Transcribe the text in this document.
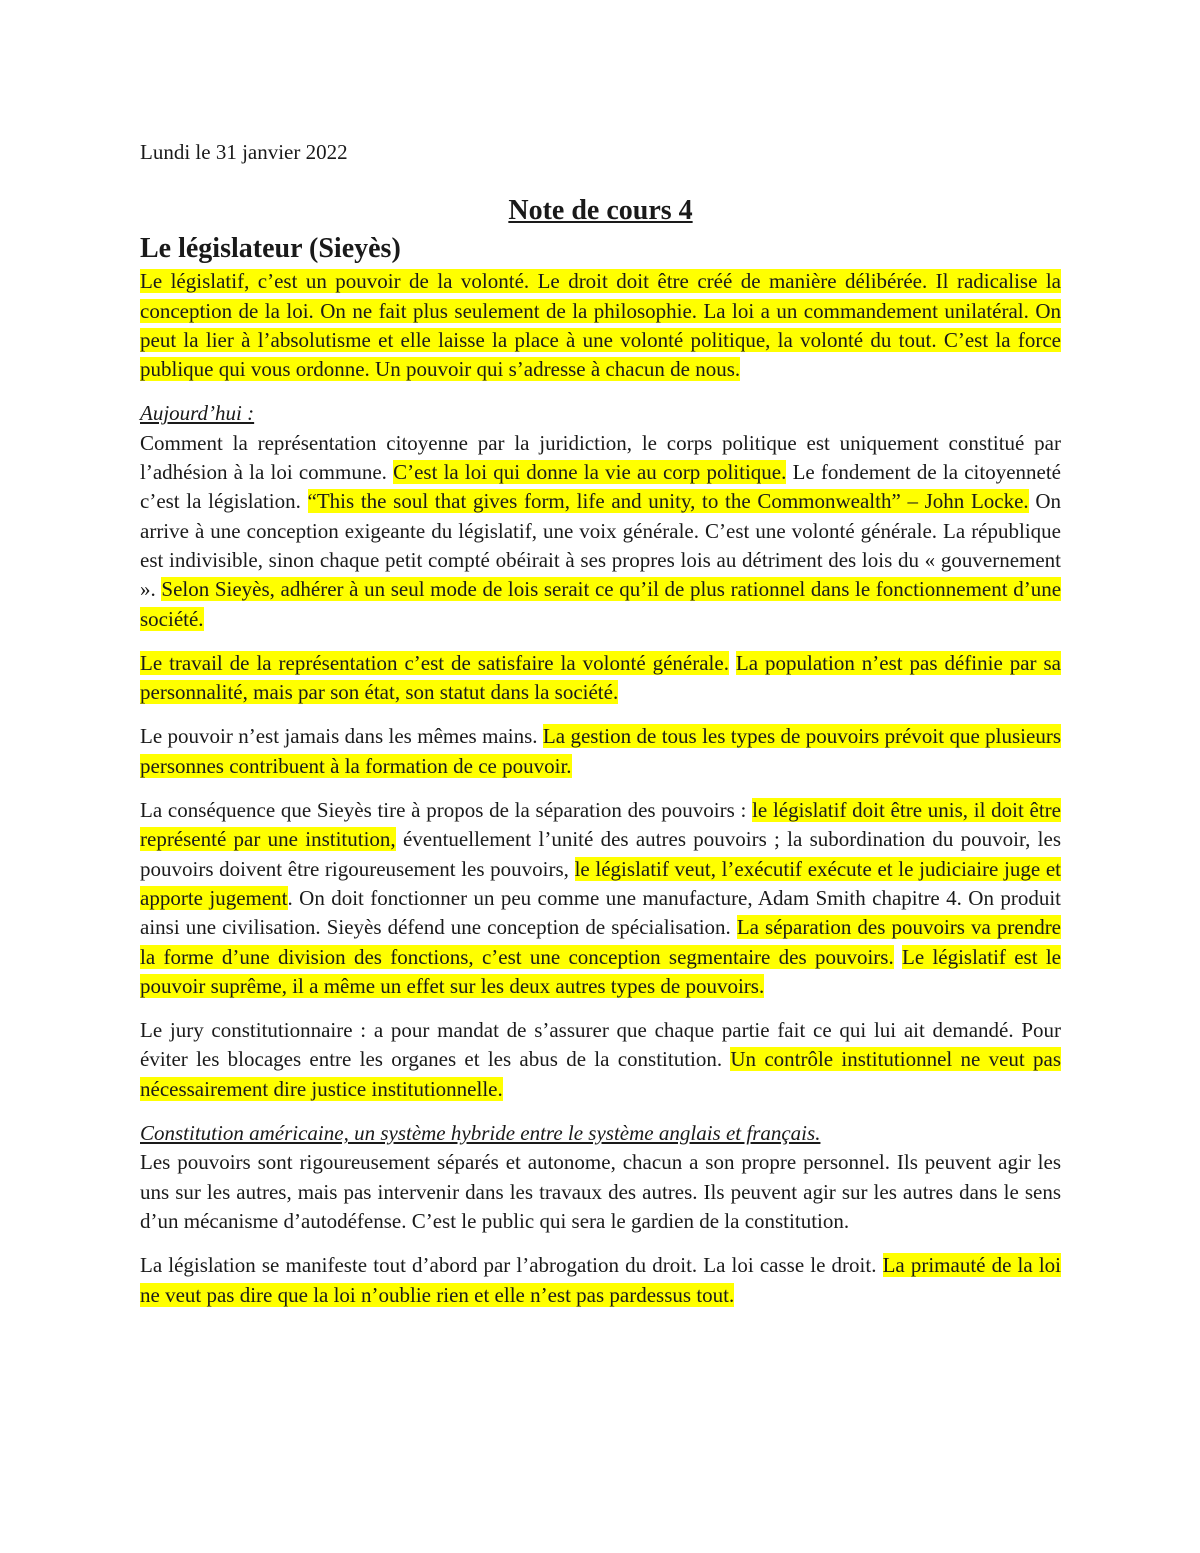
Lundi le 31 janvier 2022

Note de cours 4
Le législateur (Sieyès)

Le législatif, c’est un pouvoir de la volonté. Le droit doit être créé de manière délibérée. Il radicalise la conception de la loi. On ne fait plus seulement de la philosophie. La loi a un commandement unilatéral. On peut la lier à l’absolutisme et elle laisse la place à une volonté politique, la volonté du tout. C’est la force publique qui vous ordonne. Un pouvoir qui s’adresse à chacun de nous.

Aujourd’hui :

Comment la représentation citoyenne par la juridiction, le corps politique est uniquement constitué par l’adhésion à la loi commune. C’est la loi qui donne la vie au corp politique. Le fondement de la citoyenneté c’est la législation. “This the soul that gives form, life and unity, to the Commonwealth” – John Locke. On arrive à une conception exigeante du législatif, une voix générale. C’est une volonté générale. La république est indivisible, sinon chaque petit compté obéirait à ses propres lois au détriment des lois du « gouvernement ». Selon Sieyès, adhérer à un seul mode de lois serait ce qu’il de plus rationnel dans le fonctionnement d’une société.

Le travail de la représentation c’est de satisfaire la volonté générale. La population n’est pas définie par sa personnalité, mais par son état, son statut dans la société.

Le pouvoir n’est jamais dans les mêmes mains. La gestion de tous les types de pouvoirs prévoit que plusieurs personnes contribuent à la formation de ce pouvoir.

La conséquence que Sieyès tire à propos de la séparation des pouvoirs : le législatif doit être unis, il doit être représenté par une institution, éventuellement l’unité des autres pouvoirs ; la subordination du pouvoir, les pouvoirs doivent être rigoureusement les pouvoirs, le législatif veut, l’exécutif exécute et le judiciaire juge et apporte jugement. On doit fonctionner un peu comme une manufacture, Adam Smith chapitre 4. On produit ainsi une civilisation. Sieyès défend une conception de spécialisation. La séparation des pouvoirs va prendre la forme d’une division des fonctions, c’est une conception segmentaire des pouvoirs. Le législatif est le pouvoir suprême, il a même un effet sur les deux autres types de pouvoirs.

Le jury constitutionnaire : a pour mandat de s’assurer que chaque partie fait ce qui lui ait demandé. Pour éviter les blocages entre les organes et les abus de la constitution. Un contrôle institutionnel ne veut pas nécessairement dire justice institutionnelle.

Constitution américaine, un système hybride entre le système anglais et français.

Les pouvoirs sont rigoureusement séparés et autonome, chacun a son propre personnel. Ils peuvent agir les uns sur les autres, mais pas intervenir dans les travaux des autres. Ils peuvent agir sur les autres dans le sens d’un mécanisme d’autodéfense. C’est le public qui sera le gardien de la constitution.

La législation se manifeste tout d’abord par l’abrogation du droit. La loi casse le droit. La primauté de la loi ne veut pas dire que la loi n’oublie rien et elle n’est pas pardessus tout.
